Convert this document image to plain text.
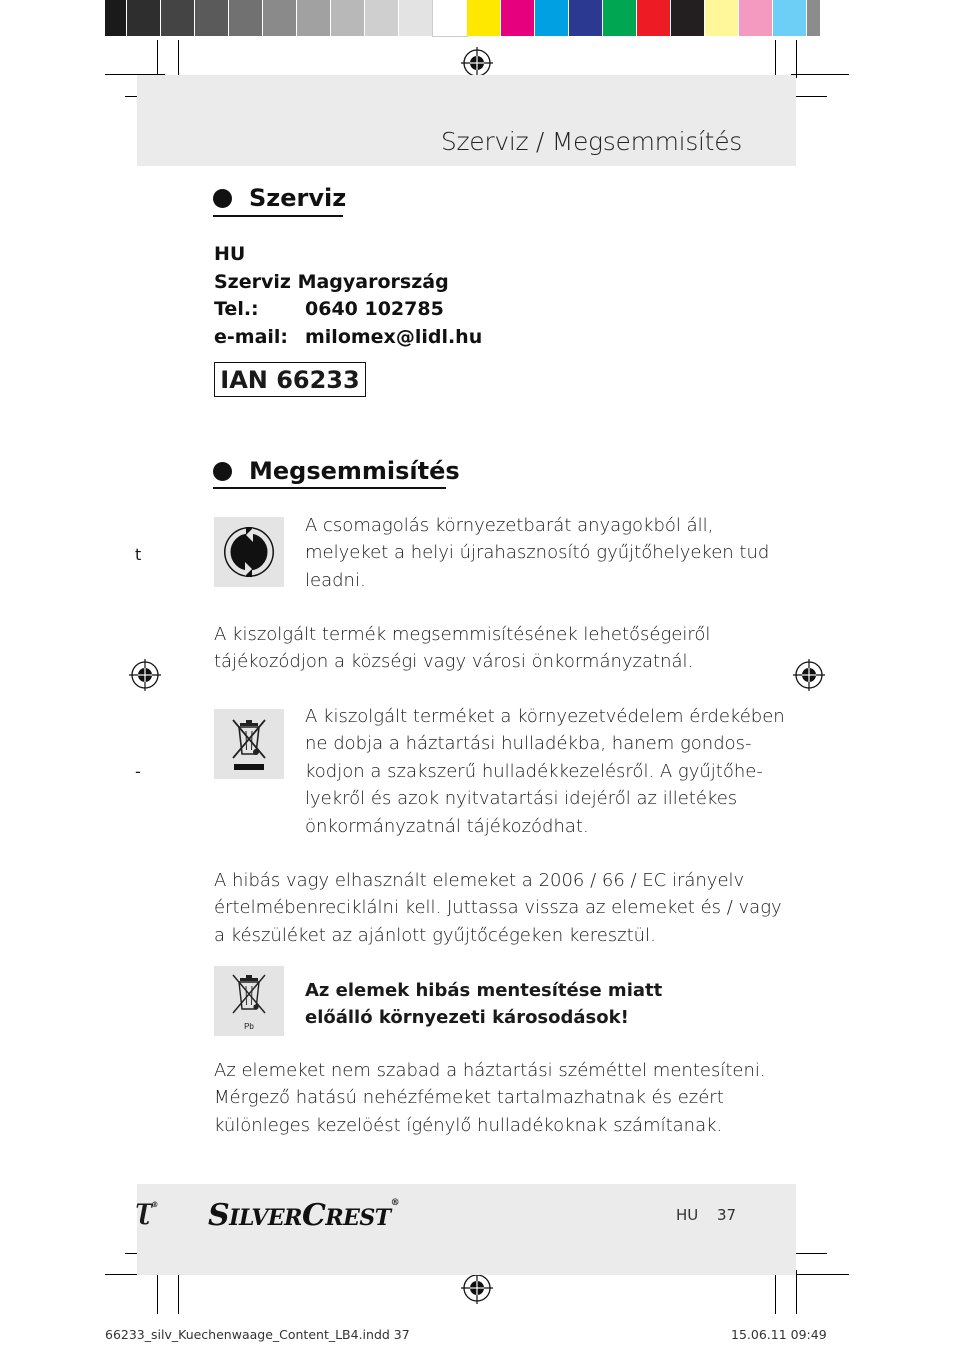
Szerviz / Megsemmisítés
Szerviz
HU
Szerviz Magyarország
Tel.:	0640 102785
e-mail: milomex@lidl.hu
IAN 66233
Megsemmisítés
A csomagolás környezetbarát anyagokból áll,
melyeket a helyi újrahasznosító gyűjtőhelyeken tud
leadni.
A kiszolgált termék megsemmisítésének lehetőségeiről
tájékozódjon a községi vagy városi önkormányzatnál.
A kiszolgált terméket a környezetvédelem érdekében
ne dobja a háztartási hulladékba, hanem gondos-
kodjon a szakszerű hulladékkezelésről. A gyűjtőhe-
lyekről és azok nyitvatartási idejéről az illetékes
önkormányzatnál tájékozódhat.
A hibás vagy elhasznált elemeket a 2006 / 66 / EC irányelv
értelmébenreciklálni kell. Juttassa vissza az elemeket és / vagy
a készüléket az ajánlott gyűjtőcégeken keresztül.
Pb
Az elemek hibás mentesítése miatt
előálló környezeti károsodások!
Az elemeket nem szabad a háztartási széméttel mentesíteni.
Mérgező hatású nehézfémeket tartalmazhatnak és ezért
különleges kezelöést ígénylő hulladékoknak számítanak.
t
-
Ʈ® SILVERCREST®
HU 37
66233_silv_Kuechenwaage_Content_LB4.indd 37	15.06.11 09:49
